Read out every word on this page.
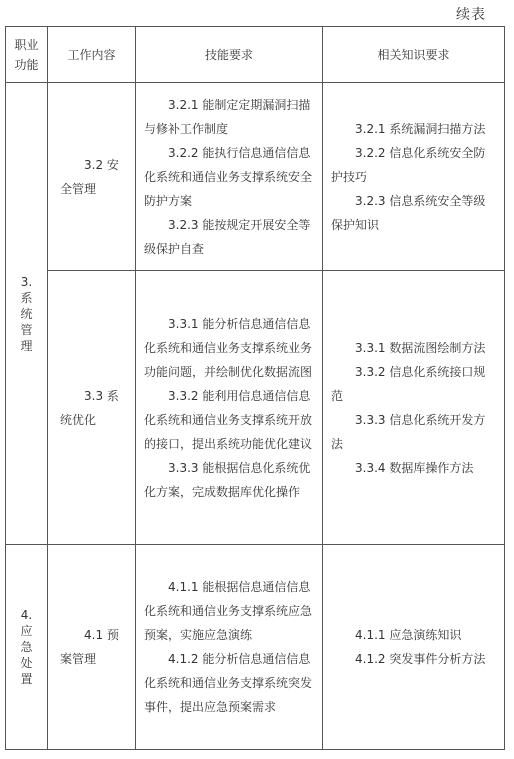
续表
职业功能	工作内容	技能要求	相关知识要求
3.系统管理	3.2 安全管理	3.2.1 能制定定期漏洞扫描与修补工作制度
3.2.2 能执行信息通信信息化系统和通信业务支撑系统安全防护方案
3.2.3 能按规定开展安全等级保护自查	3.2.1 系统漏洞扫描方法
3.2.2 信息化系统安全防护技巧
3.2.3 信息系统安全等级保护知识

	3.3 系统优化	3.3.1 能分析信息通信信息化系统和通信业务支撑系统业务功能问题，并绘制优化数据流图
3.3.2 能利用信息通信信息化系统和通信业务支撑系统开放的接口，提出系统功能优化建议
3.3.3 能根据信息化系统优化方案，完成数据库优化操作	3.3.1 数据流图绘制方法
3.3.2 信息化系统接口规范
3.3.3 信息化系统开发方法
3.3.4 数据库操作方法

4.应急处置	4.1 预案管理	4.1.1 能根据信息通信信息化系统和通信业务支撑系统应急预案，实施应急演练
4.1.2 能分析信息通信信息化系统和通信业务支撑系统突发事件，提出应急预案需求	4.1.1 应急演练知识
4.1.2 突发事件分析方法
